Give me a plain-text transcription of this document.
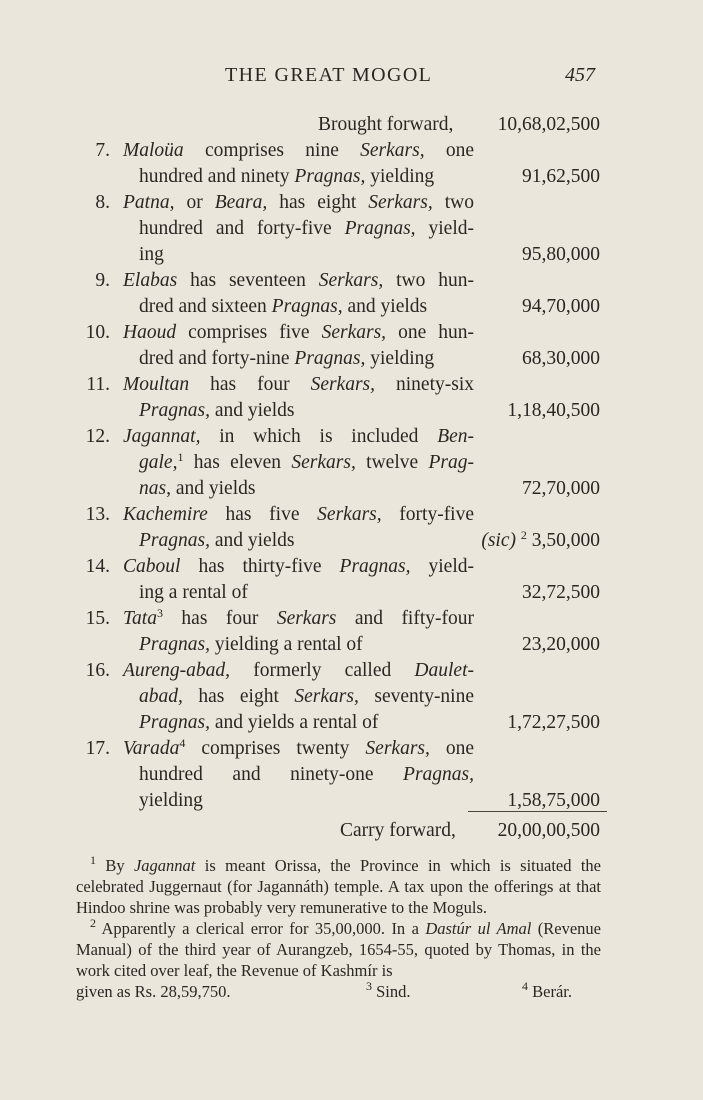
THE GREAT MOGOL	457
Brought forward, 10,68,02,500
7. Maloüa comprises nine Serkars, one
hundred and ninety Pragnas, yielding	91,62,500
8. Patna, or Beara, has eight Serkars, two
hundred and forty-five Pragnas, yield-
ing	95,80,000
9. Elabas has seventeen Serkars, two hun-
dred and sixteen Pragnas, and yields	94,70,000
10. Haoud comprises five Serkars, one hun-
dred and forty-nine Pragnas, yielding	68,30,000
11. Moultan has four Serkars, ninety-six
Pragnas, and yields	1,18,40,500
12. Jagannat, in which is included Ben-
gale,$^1$ has eleven Serkars, twelve Prag-
nas, and yields	72,70,000
13. Kachemire has five Serkars, forty-five
Pragnas, and yields	(sic) $^2$ 3,50,000
14. Caboul has thirty-five Pragnas, yield-
ing a rental of	32,72,500
15. Tata$^3$ has four Serkars and fifty-four
Pragnas, yielding a rental of	23,20,000
16. Aureng-abad, formerly called Daulet-
abad, has eight Serkars, seventy-nine
Pragnas, and yields a rental of	1,72,27,500
17. Varada$^4$ comprises twenty Serkars, one
hundred and ninety-one Pragnas,
yielding	1,58,75,000
Carry forward, 20,00,00,500

$^1$ By Jagannat is meant Orissa, the Province in which is situated the celebrated Juggernaut (for Jagannáth) temple. A tax upon the offerings at that Hindoo shrine was probably very remunerative to the Moguls.

$^2$ Apparently a clerical error for 35,00,000. In a Dastúr ul Amal (Revenue Manual) of the third year of Aurangzeb, 1654-55, quoted by Thomas, in the work cited over leaf, the Revenue of Kashmír is

given as Rs. 28,59,750.	$^3$ Sind.	$^4$ Berár.
